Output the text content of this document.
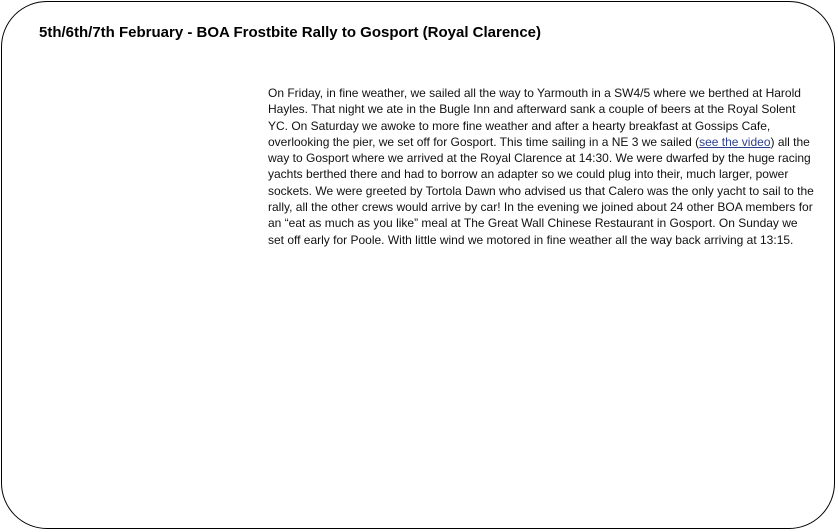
5th/6th/7th February - BOA Frostbite Rally to Gosport (Royal Clarence)

On Friday, in fine weather, we sailed all the way to Yarmouth in a SW4/5 where we berthed at Harold Hayles. That night we ate in the Bugle Inn and afterward sank a couple of beers at the Royal Solent YC. On Saturday we awoke to more fine weather and after a hearty breakfast at Gossips Cafe, overlooking the pier, we set off for Gosport. This time sailing in a NE 3 we sailed (see the video) all the way to Gosport where we arrived at the Royal Clarence at 14:30. We were dwarfed by the huge racing yachts berthed there and had to borrow an adapter so we could plug into their, much larger, power sockets. We were greeted by Tortola Dawn who advised us that Calero was the only yacht to sail to the rally, all the other crews would arrive by car! In the evening we joined about 24 other BOA members for an “eat as much as you like” meal at The Great Wall Chinese Restaurant in Gosport. On Sunday we set off early for Poole. With little wind we motored in fine weather all the way back arriving at 13:15.
